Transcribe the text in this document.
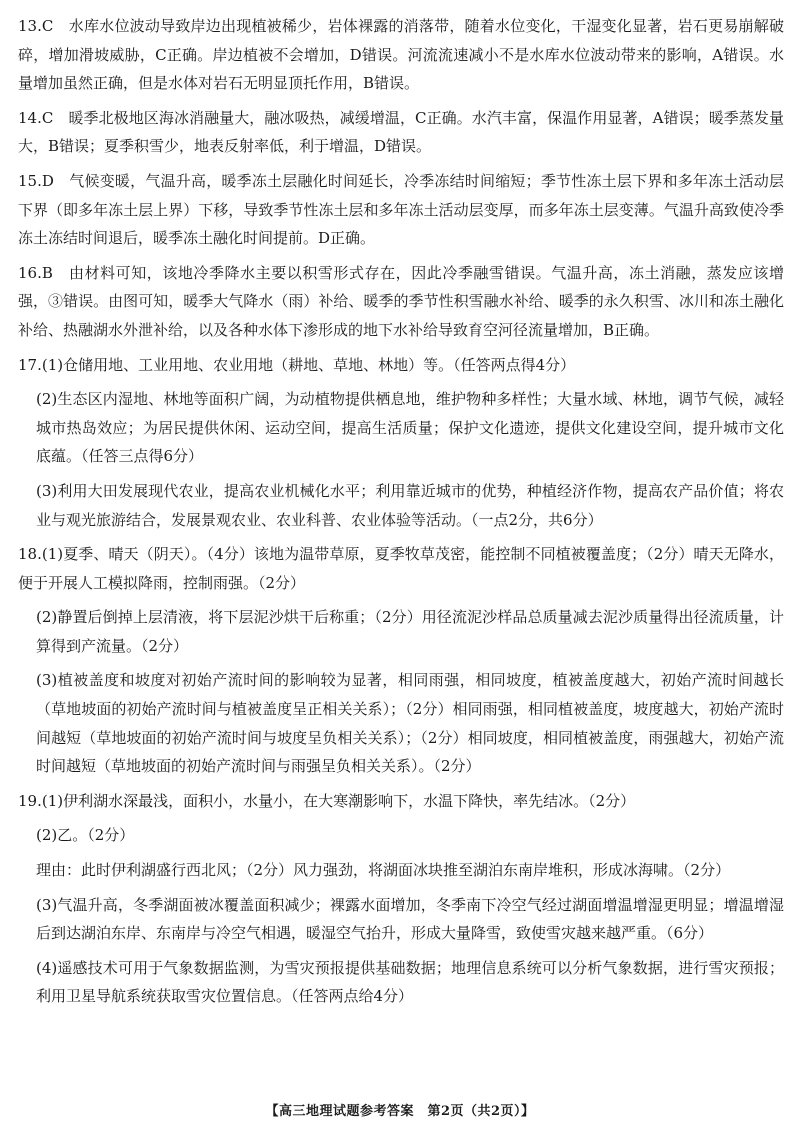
13.C　水库水位波动导致岸边出现植被稀少，岩体裸露的消落带，随着水位变化，干湿变化显著，岩石更易崩解破碎，增加滑坡威胁，C正确。岸边植被不会增加，D错误。河流流速减小不是水库水位波动带来的影响，A错误。水量增加虽然正确，但是水体对岩石无明显顶托作用，B错误。

14.C　暖季北极地区海冰消融量大，融冰吸热，减缓增温，C正确。水汽丰富，保温作用显著，A错误；暖季蒸发量大，B错误；夏季积雪少，地表反射率低，利于增温，D错误。

15.D　气候变暖，气温升高，暖季冻土层融化时间延长，冷季冻结时间缩短；季节性冻土层下界和多年冻土活动层下界（即多年冻土层上界）下移，导致季节性冻土层和多年冻土活动层变厚，而多年冻土层变薄。气温升高致使冷季冻土冻结时间退后，暖季冻土融化时间提前。D正确。

16.B　由材料可知，该地冷季降水主要以积雪形式存在，因此冷季融雪错误。气温升高，冻土消融，蒸发应该增强，③错误。由图可知，暖季大气降水（雨）补给、暖季的季节性积雪融水补给、暖季的永久积雪、冰川和冻土融化补给、热融湖水外泄补给，以及各种水体下渗形成的地下水补给导致育空河径流量增加，B正确。

17.(1)仓储用地、工业用地、农业用地（耕地、草地、林地）等。（任答两点得4分）

(2)生态区内湿地、林地等面积广阔，为动植物提供栖息地，维护物种多样性；大量水域、林地，调节气候，减轻城市热岛效应；为居民提供休闲、运动空间，提高生活质量；保护文化遗迹，提供文化建设空间，提升城市文化底蕴。（任答三点得6分）

(3)利用大田发展现代农业，提高农业机械化水平；利用靠近城市的优势，种植经济作物，提高农产品价值；将农业与观光旅游结合，发展景观农业、农业科普、农业体验等活动。（一点2分，共6分）

18.(1)夏季、晴天（阴天）。（4分）该地为温带草原，夏季牧草茂密，能控制不同植被覆盖度；（2分）晴天无降水，便于开展人工模拟降雨，控制雨强。（2分）

(2)静置后倒掉上层清液，将下层泥沙烘干后称重；（2分）用径流泥沙样品总质量减去泥沙质量得出径流质量，计算得到产流量。（2分）

(3)植被盖度和坡度对初始产流时间的影响较为显著，相同雨强，相同坡度，植被盖度越大，初始产流时间越长（草地坡面的初始产流时间与植被盖度呈正相关关系）；（2分）相同雨强，相同植被盖度，坡度越大，初始产流时间越短（草地坡面的初始产流时间与坡度呈负相关关系）；（2分）相同坡度，相同植被盖度，雨强越大，初始产流时间越短（草地坡面的初始产流时间与雨强呈负相关关系）。（2分）

19.(1)伊利湖水深最浅，面积小，水量小，在大寒潮影响下，水温下降快，率先结冰。（2分）

(2)乙。（2分）

理由：此时伊利湖盛行西北风；（2分）风力强劲，将湖面冰块推至湖泊东南岸堆积，形成冰海啸。（2分）

(3)气温升高，冬季湖面被冰覆盖面积减少；裸露水面增加，冬季南下冷空气经过湖面增温增湿更明显；增温增湿后到达湖泊东岸、东南岸与冷空气相遇，暖湿空气抬升，形成大量降雪，致使雪灾越来越严重。（6分）

(4)遥感技术可用于气象数据监测，为雪灾预报提供基础数据；地理信息系统可以分析气象数据，进行雪灾预报；利用卫星导航系统获取雪灾位置信息。（任答两点给4分）

【高三地理试题参考答案　第2页（共2页）】
